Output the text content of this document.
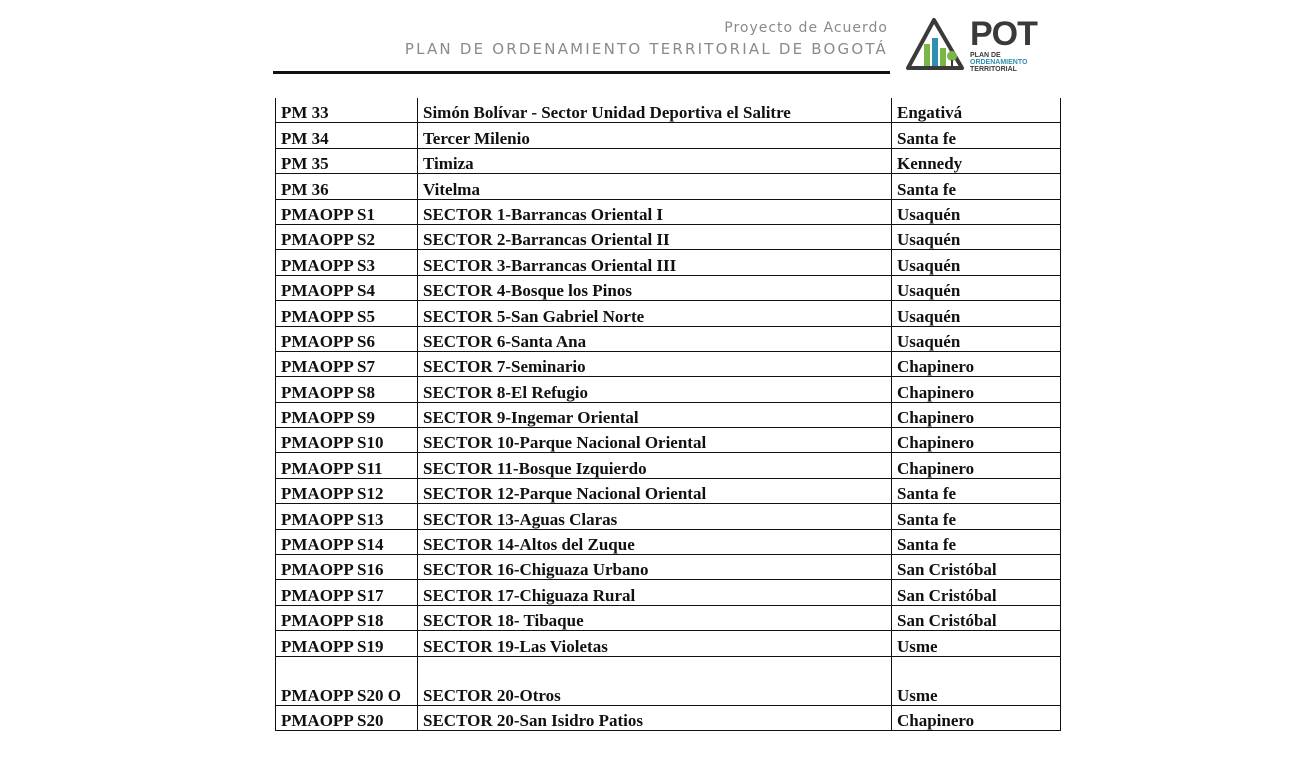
Proyecto de Acuerdo

PLAN DE ORDENAMIENTO TERRITORIAL DE BOGOTÁ POT
PLAN DE
ORDENAMIENTO
TERRITORIAL
PM 33	Simón Bolívar - Sector Unidad Deportiva el Salitre	Engativá
PM 34	Tercer Milenio	Santa fe
PM 35	Timiza	Kennedy
PM 36	Vitelma	Santa fe
PMAOPP S1	SECTOR 1-Barrancas Oriental I	Usaquén
PMAOPP S2	SECTOR 2-Barrancas Oriental II	Usaquén
PMAOPP S3	SECTOR 3-Barrancas Oriental III	Usaquén
PMAOPP S4	SECTOR 4-Bosque los Pinos	Usaquén
PMAOPP S5	SECTOR 5-San Gabriel Norte	Usaquén
PMAOPP S6	SECTOR 6-Santa Ana	Usaquén
PMAOPP S7	SECTOR 7-Seminario	Chapinero
PMAOPP S8	SECTOR 8-El Refugio	Chapinero
PMAOPP S9	SECTOR 9-Ingemar Oriental	Chapinero
PMAOPP S10	SECTOR 10-Parque Nacional Oriental	Chapinero
PMAOPP S11	SECTOR 11-Bosque Izquierdo	Chapinero
PMAOPP S12	SECTOR 12-Parque Nacional Oriental	Santa fe
PMAOPP S13	SECTOR 13-Aguas Claras	Santa fe
PMAOPP S14	SECTOR 14-Altos del Zuque	Santa fe
PMAOPP S16	SECTOR 16-Chiguaza Urbano	San Cristóbal
PMAOPP S17	SECTOR 17-Chiguaza Rural	San Cristóbal
PMAOPP S18	SECTOR 18- Tibaque	San Cristóbal
PMAOPP S19	SECTOR 19-Las Violetas	Usme
PMAOPP S20 O	SECTOR 20-Otros	Usme
PMAOPP S20	SECTOR 20-San Isidro Patios	Chapinero
